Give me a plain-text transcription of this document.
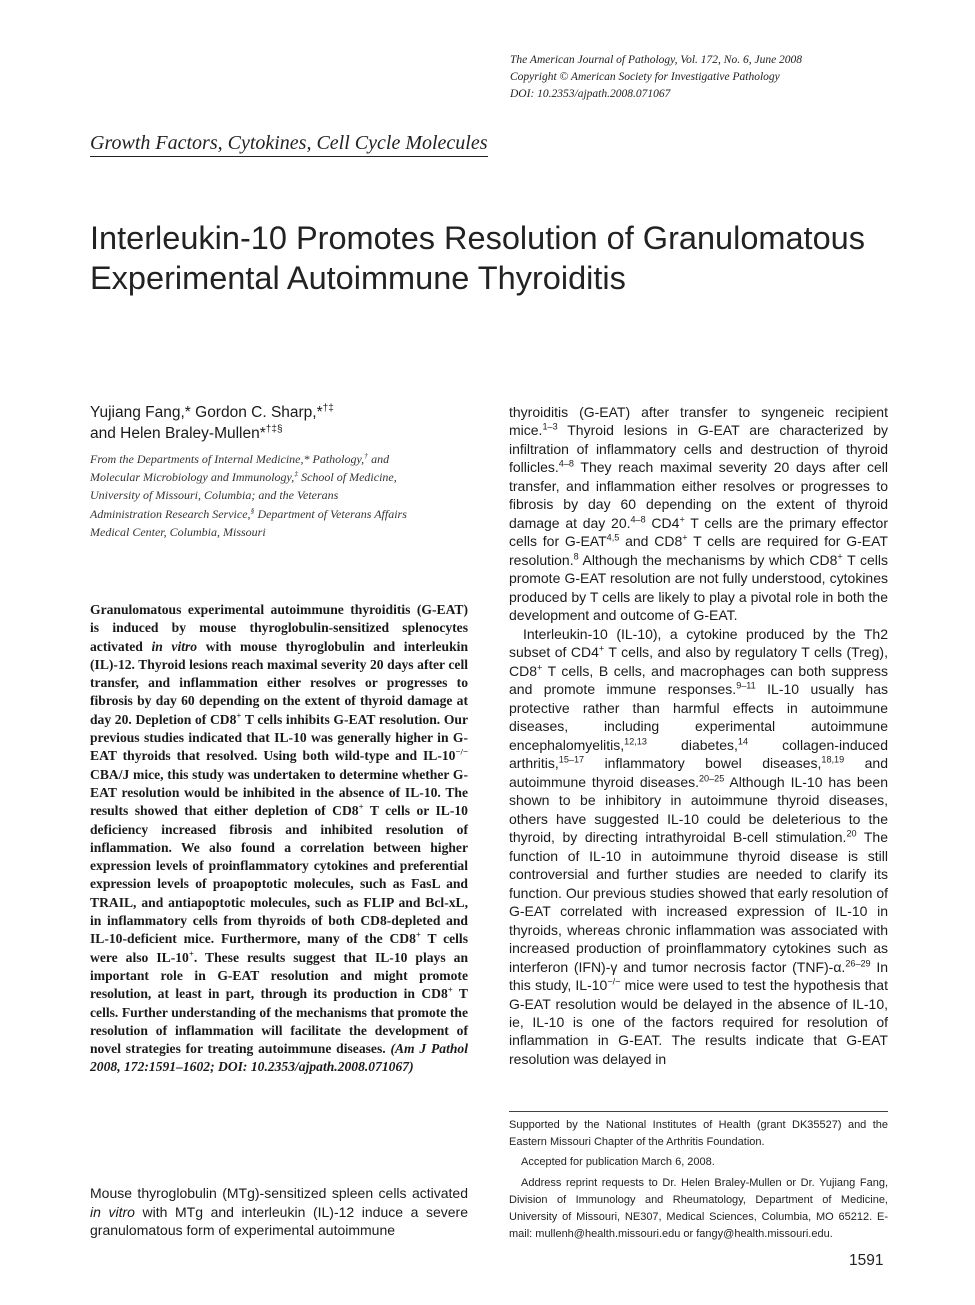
The American Journal of Pathology, Vol. 172, No. 6, June 2008
Copyright © American Society for Investigative Pathology
DOI: 10.2353/ajpath.2008.071067
Growth Factors, Cytokines, Cell Cycle Molecules
Interleukin-10 Promotes Resolution of Granulomatous
Experimental Autoimmune Thyroiditis
Yujiang Fang,* Gordon C. Sharp,*†‡
and Helen Braley-Mullen*†‡§
From the Departments of Internal Medicine,* Pathology,† and
Molecular Microbiology and Immunology,‡ School of Medicine,
University of Missouri, Columbia; and the Veterans
Administration Research Service,§ Department of Veterans Affairs
Medical Center, Columbia, Missouri
Granulomatous experimental autoimmune thyroiditis (G-EAT) is induced by mouse thyroglobulin-sensitized splenocytes activated in vitro with mouse thyroglobulin and interleukin (IL)-12. Thyroid lesions reach maximal severity 20 days after cell transfer, and inflammation either resolves or progresses to fibrosis by day 60 depending on the extent of thyroid damage at day 20. Depletion of CD8+ T cells inhibits G-EAT resolution. Our previous studies indicated that IL-10 was generally higher in G-EAT thyroids that resolved. Using both wild-type and IL-10−/− CBA/J mice, this study was undertaken to determine whether G-EAT resolution would be inhibited in the absence of IL-10. The results showed that either depletion of CD8+ T cells or IL-10 deficiency increased fibrosis and inhibited resolution of inflammation. We also found a correlation between higher expression levels of proinflammatory cytokines and preferential expression levels of proapoptotic molecules, such as FasL and TRAIL, and antiapoptotic molecules, such as FLIP and Bcl-xL, in inflammatory cells from thyroids of both CD8-depleted and IL-10-deficient mice. Furthermore, many of the CD8+ T cells were also IL-10+. These results suggest that IL-10 plays an important role in G-EAT resolution and might promote resolution, at least in part, through its production in CD8+ T cells. Further understanding of the mechanisms that promote the resolution of inflammation will facilitate the development of novel strategies for treating autoimmune diseases. (Am J Pathol 2008, 172:1591–1602; DOI: 10.2353/ajpath.2008.071067)
Mouse thyroglobulin (MTg)-sensitized spleen cells activated in vitro with MTg and interleukin (IL)-12 induce a severe granulomatous form of experimental autoimmune

thyroiditis (G-EAT) after transfer to syngeneic recipient mice.$^{1-3}$ Thyroid lesions in G-EAT are characterized by infiltration of inflammatory cells and destruction of thyroid follicles.$^{4-8}$ They reach maximal severity 20 days after cell transfer, and inflammation either resolves or progresses to fibrosis by day 60 depending on the extent of thyroid damage at day 20.$^{4-8}$ CD4+ T cells are the primary effector cells for G-EAT$^{4,5}$ and CD8+ T cells are required for G-EAT resolution.$^8$ Although the mechanisms by which CD8+ T cells promote G-EAT resolution are not fully understood, cytokines produced by T cells are likely to play a pivotal role in both the development and outcome of G-EAT.

Interleukin-10 (IL-10), a cytokine produced by the Th2 subset of CD4+ T cells, and also by regulatory T cells (Treg), CD8+ T cells, B cells, and macrophages can both suppress and promote immune responses.$^{9-11}$ IL-10 usually has protective rather than harmful effects in autoimmune diseases, including experimental autoimmune encephalomyelitis,$^{12,13}$ diabetes,$^{14}$ collagen-induced arthritis,$^{15-17}$ inflammatory bowel diseases,$^{18,19}$ and autoimmune thyroid diseases.$^{20-25}$ Although IL-10 has been shown to be inhibitory in autoimmune thyroid diseases, others have suggested IL-10 could be deleterious to the thyroid, by directing intrathyroidal B-cell stimulation.$^{20}$ The function of IL-10 in autoimmune thyroid disease is still controversial and further studies are needed to clarify its function. Our previous studies showed that early resolution of G-EAT correlated with increased expression of IL-10 in thyroids, whereas chronic inflammation was associated with increased production of proinflammatory cytokines such as interferon (IFN)-γ and tumor necrosis factor (TNF)-α.$^{26-29}$ In this study, IL-10−/− mice were used to test the hypothesis that G-EAT resolution would be delayed in the absence of IL-10, ie, IL-10 is one of the factors required for resolution of inflammation in G-EAT. The results indicate that G-EAT resolution was delayed in

Supported by the National Institutes of Health (grant DK35527) and the Eastern Missouri Chapter of the Arthritis Foundation.

Accepted for publication March 6, 2008.

Address reprint requests to Dr. Helen Braley-Mullen or Dr. Yujiang Fang, Division of Immunology and Rheumatology, Department of Medicine, University of Missouri, NE307, Medical Sciences, Columbia, MO 65212. E-mail: mullenh@health.missouri.edu or fangy@health.missouri.edu.

1591
